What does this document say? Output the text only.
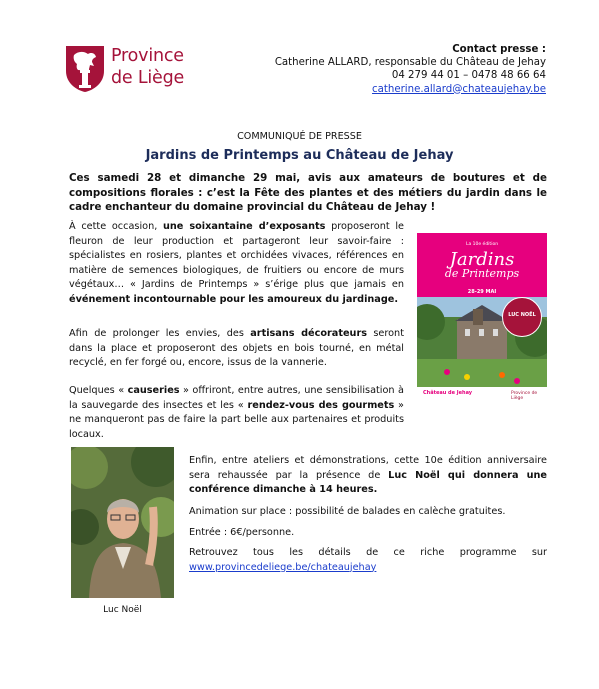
Province
de Liège
Contact presse :
Catherine ALLARD, responsable du Château de Jehay
04 279 44 01 – 0478 48 66 64
catherine.allard@chateaujehay.be
COMMUNIQUÉ DE PRESSE
Jardins de Printemps au Château de Jehay
Ces samedi 28 et dimanche 29 mai, avis aux amateurs de boutures et de compositions florales : c’est la Fête des plantes et des métiers du jardin dans le cadre enchanteur du domaine provincial du Château de Jehay !
À cette occasion, une soixantaine d’exposants proposeront le fleuron de leur production et partageront leur savoir-faire : spécialistes en rosiers, plantes et orchidées vivaces, références en matière de semences biologiques, de fruitiers ou encore de murs végétaux… « Jardins de Printemps » s’érige plus que jamais en événement incontournable pour les amoureux du jardinage.
Afin de prolonger les envies, des artisans décorateurs seront dans la place et proposeront des objets en bois tourné, en métal recyclé, en fer forgé ou, encore, issus de la vannerie.
Quelques « causeries » offriront, entre autres, une sensibilisation à la sauvegarde des insectes et les « rendez-vous des gourmets » ne manqueront pas de faire la part belle aux partenaires et produits locaux.
La 10e édition
Jardins
de Printemps
28-29 MAI
LUC NOËL
Château de Jehay	Province de Liège
Luc Noël
Enfin, entre ateliers et démonstrations, cette 10e édition anniversaire sera rehaussée par la présence de Luc Noël qui donnera une conférence dimanche à 14 heures.
Animation sur place : possibilité de balades en calèche gratuites.
Entrée : 6€/personne.
Retrouvez tous les détails de ce riche programme sur www.provincedeliege.be/chateaujehay
